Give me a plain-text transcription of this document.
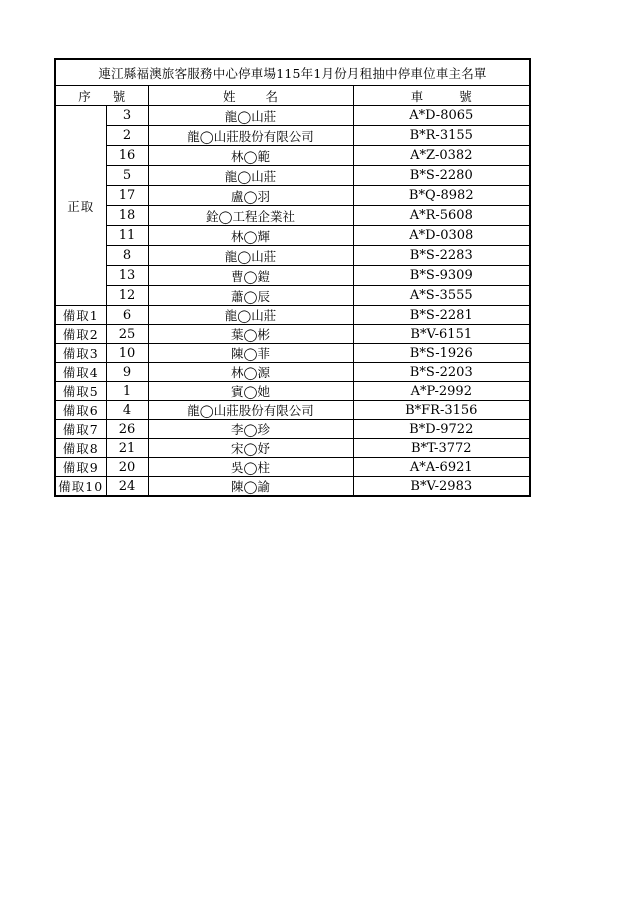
連江縣福澳旅客服務中心停車場115年1月份月租抽中停車位車主名單			
序號		姓名	車號
正取	3	龍◯山莊	A*D-8065
	2	龍◯山莊股份有限公司	B*R-3155
	16	林◯範	A*Z-0382
	5	龍◯山莊	B*S-2280
	17	盧◯羽	B*Q-8982
	18	銓◯工程企業社	A*R-5608
	11	林◯輝	A*D-0308
	8	龍◯山莊	B*S-2283
	13	曹◯鎧	B*S-9309
	12	蕭◯辰	A*S-3555
備取1	6	龍◯山莊	B*S-2281
備取2	25	葉◯彬	B*V-6151
備取3	10	陳◯菲	B*S-1926
備取4	9	林◯源	B*S-2203
備取5	1	賓◯她	A*P-2992
備取6	4	龍◯山莊股份有限公司	B*FR-3156
備取7	26	李◯珍	B*D-9722
備取8	21	宋◯妤	B*T-3772
備取9	20	吳◯柱	A*A-6921
備取10	24	陳◯諭	B*V-2983
